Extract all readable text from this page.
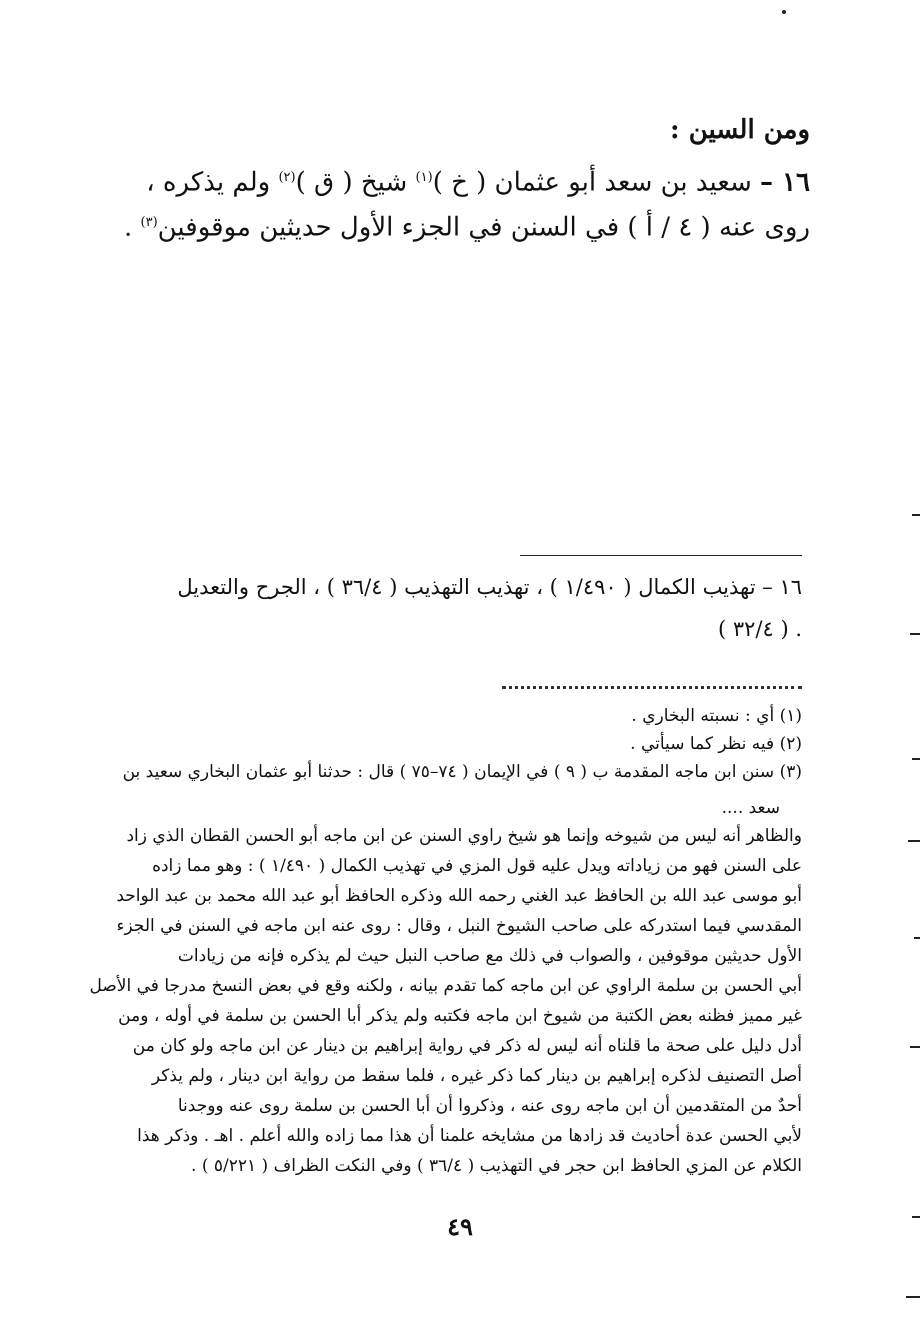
ومن السين :
١٦ – سعيد بن سعد أبو عثمان ( خ )$^{(١)}$ شيخ ( ق )$^{(٢)}$ ولم يذكره ،
روى عنه ( ٤ / أ ) في السنن في الجزء الأول حديثين موقوفين$^{(٣)}$ .
١٦ – تهذيب الكمال ( ١/٤٩٠ ) ، تهذيب التهذيب ( ٣٦/٤ ) ، الجرح والتعديل
( ٣٢/٤ ) .
(١) أي : نسبته البخاري .
(٢) فيه نظر كما سيأتي .
(٣) سنن ابن ماجه المقدمة ب ( ٩ ) في الإيمان ( ٧٤–٧٥ ) قال : حدثنا أبو عثمان البخاري سعيد بن
سعد ....
والظاهر أنه ليس من شيوخه وإنما هو شيخ راوي السنن عن ابن ماجه أبو الحسن القطان الذي زاد
على السنن فهو من زياداته ويدل عليه قول المزي في تهذيب الكمال ( ١/٤٩٠ ) : وهو مما زاده
أبو موسى عبد الله بن الحافظ عبد الغني رحمه الله وذكره الحافظ أبو عبد الله محمد بن عبد الواحد
المقدسي فيما استدركه على صاحب الشيوخ النبل ، وقال : روى عنه ابن ماجه في السنن في الجزء
الأول حديثين موقوفين ، والصواب في ذلك مع صاحب النبل حيث لم يذكره فإنه من زيادات
أبي الحسن بن سلمة الراوي عن ابن ماجه كما تقدم بيانه ، ولكنه وقع في بعض النسخ مدرجا في الأصل
غير مميز فظنه بعض الكتبة من شيوخ ابن ماجه فكتبه ولم يذكر أبا الحسن بن سلمة في أوله ، ومن
أدل دليل على صحة ما قلناه أنه ليس له ذكر في رواية إبراهيم بن دينار عن ابن ماجه ولو كان من
أصل التصنيف لذكره إبراهيم بن دينار كما ذكر غيره ، فلما سقط من رواية ابن دينار ، ولم يذكر
أحدٌ من المتقدمين أن ابن ماجه روى عنه ، وذكروا أن أبا الحسن بن سلمة روى عنه ووجدنا
لأبي الحسن عدة أحاديث قد زادها من مشايخه علمنا أن هذا مما زاده والله أعلم . اهـ . وذكر هذا
الكلام عن المزي الحافظ ابن حجر في التهذيب ( ٣٦/٤ ) وفي النكت الظراف ( ٥/٢٢١ ) .
٤٩
